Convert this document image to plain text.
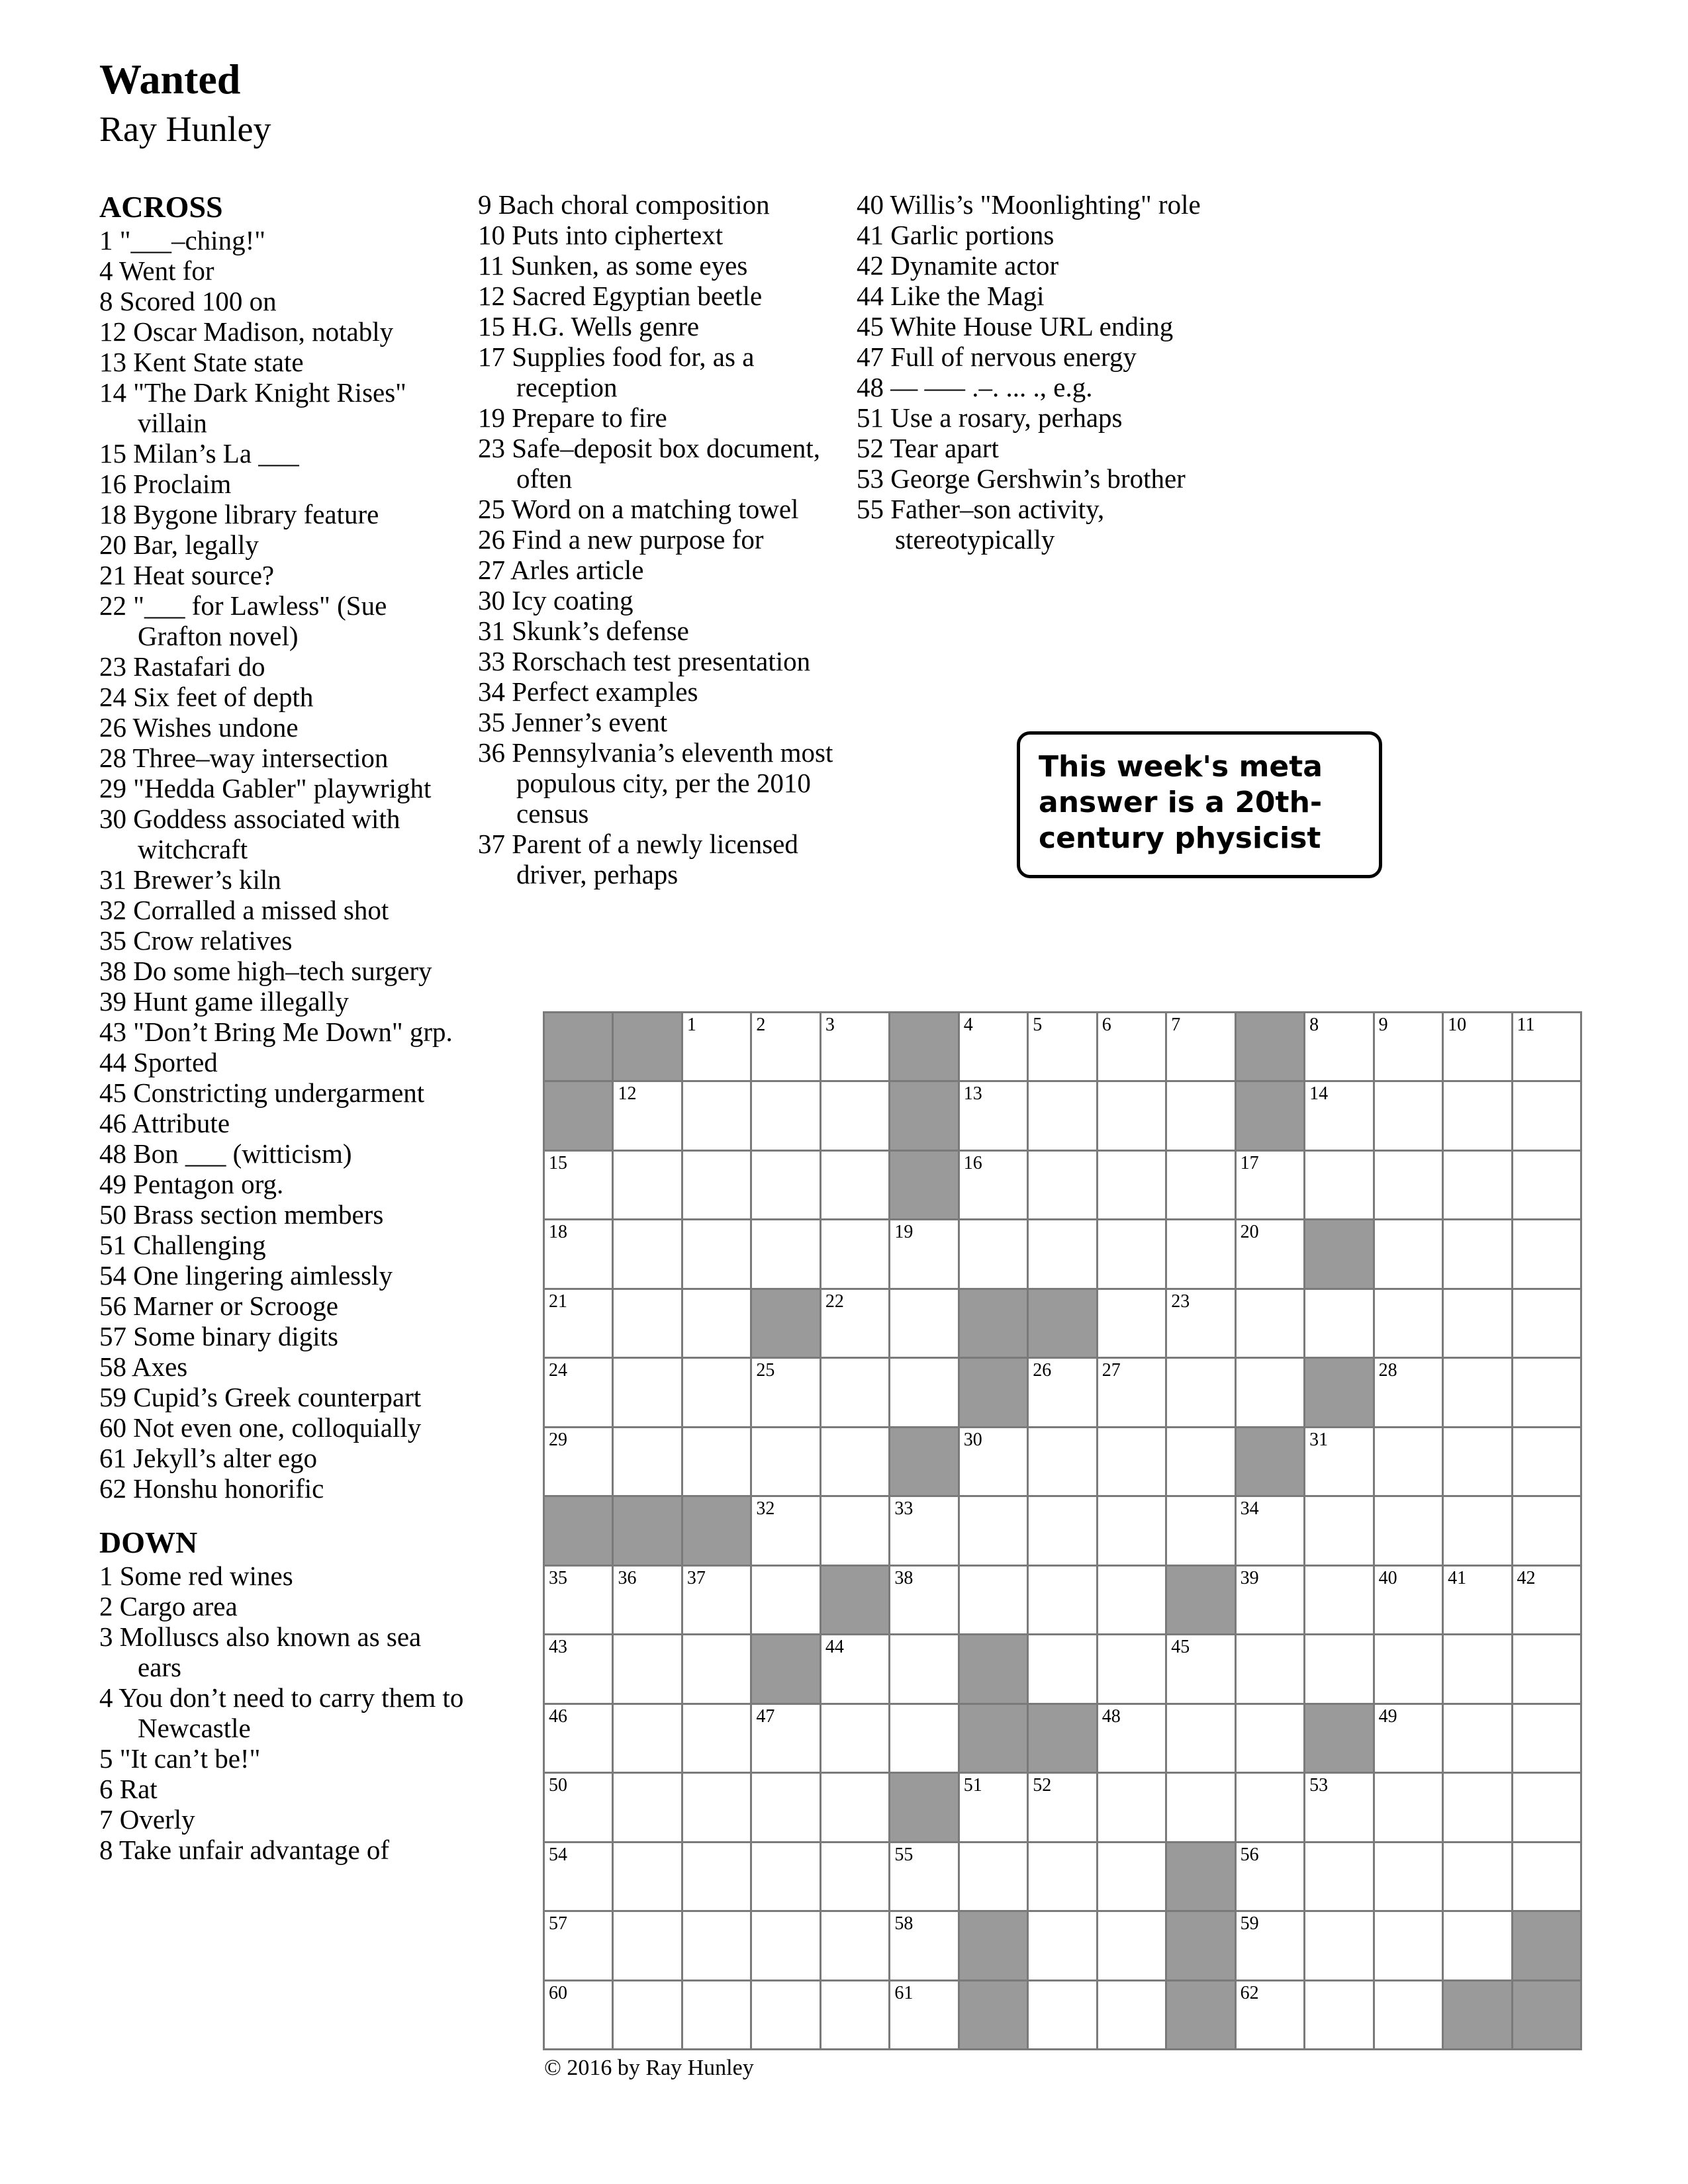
Wanted
Ray Hunley
ACROSS
1 "___–ching!"
4 Went for
8 Scored 100 on
12 Oscar Madison, notably
13 Kent State state
14 "The Dark Knight Rises" villain
15 Milan’s La ___
16 Proclaim
18 Bygone library feature
20 Bar, legally
21 Heat source?
22 "___ for Lawless" (Sue Grafton novel)
23 Rastafari do
24 Six feet of depth
26 Wishes undone
28 Three–way intersection
29 "Hedda Gabler" playwright
30 Goddess associated with witchcraft
31 Brewer’s kiln
32 Corralled a missed shot
35 Crow relatives
38 Do some high–tech surgery
39 Hunt game illegally
43 "Don’t Bring Me Down" grp.
44 Sported
45 Constricting undergarment
46 Attribute
48 Bon ___ (witticism)
49 Pentagon org.
50 Brass section members
51 Challenging
54 One lingering aimlessly
56 Marner or Scrooge
57 Some binary digits
58 Axes
59 Cupid’s Greek counterpart
60 Not even one, colloquially
61 Jekyll’s alter ego
62 Honshu honorific
DOWN
1 Some red wines
2 Cargo area
3 Molluscs also known as sea ears
4 You don’t need to carry them to Newcastle
5 "It can’t be!"
6 Rat
7 Overly
8 Take unfair advantage of
9 Bach choral composition
10 Puts into ciphertext
11 Sunken, as some eyes
12 Sacred Egyptian beetle
15 H.G. Wells genre
17 Supplies food for, as a reception
19 Prepare to fire
23 Safe–deposit box document, often
25 Word on a matching towel
26 Find a new purpose for
27 Arles article
30 Icy coating
31 Skunk’s defense
33 Rorschach test presentation
34 Perfect examples
35 Jenner’s event
36 Pennsylvania’s eleventh most populous city, per the 2010 census
37 Parent of a newly licensed driver, perhaps
40 Willis’s "Moonlighting" role
41 Garlic portions
42 Dynamite actor
44 Like the Magi
45 White House URL ending
47 Full of nervous energy
48 –– ––– .–. ... ., e.g.
51 Use a rosary, perhaps
52 Tear apart
53 George Gershwin’s brother
55 Father–son activity, stereotypically
This week's meta answer is a 20th-century physicist
1	2	3	4	5	6	7	8	9	10	11
12	13	14
15	16	17
18	19	20
21	22	23
24	25	26	27	28
29	30	31
32	33	34
35	36	37	38	39	40	41	42
43	44	45
46	47	48	49
50	51	52	53
54	55	56
57	58	59
60	61	62
© 2016 by Ray Hunley
